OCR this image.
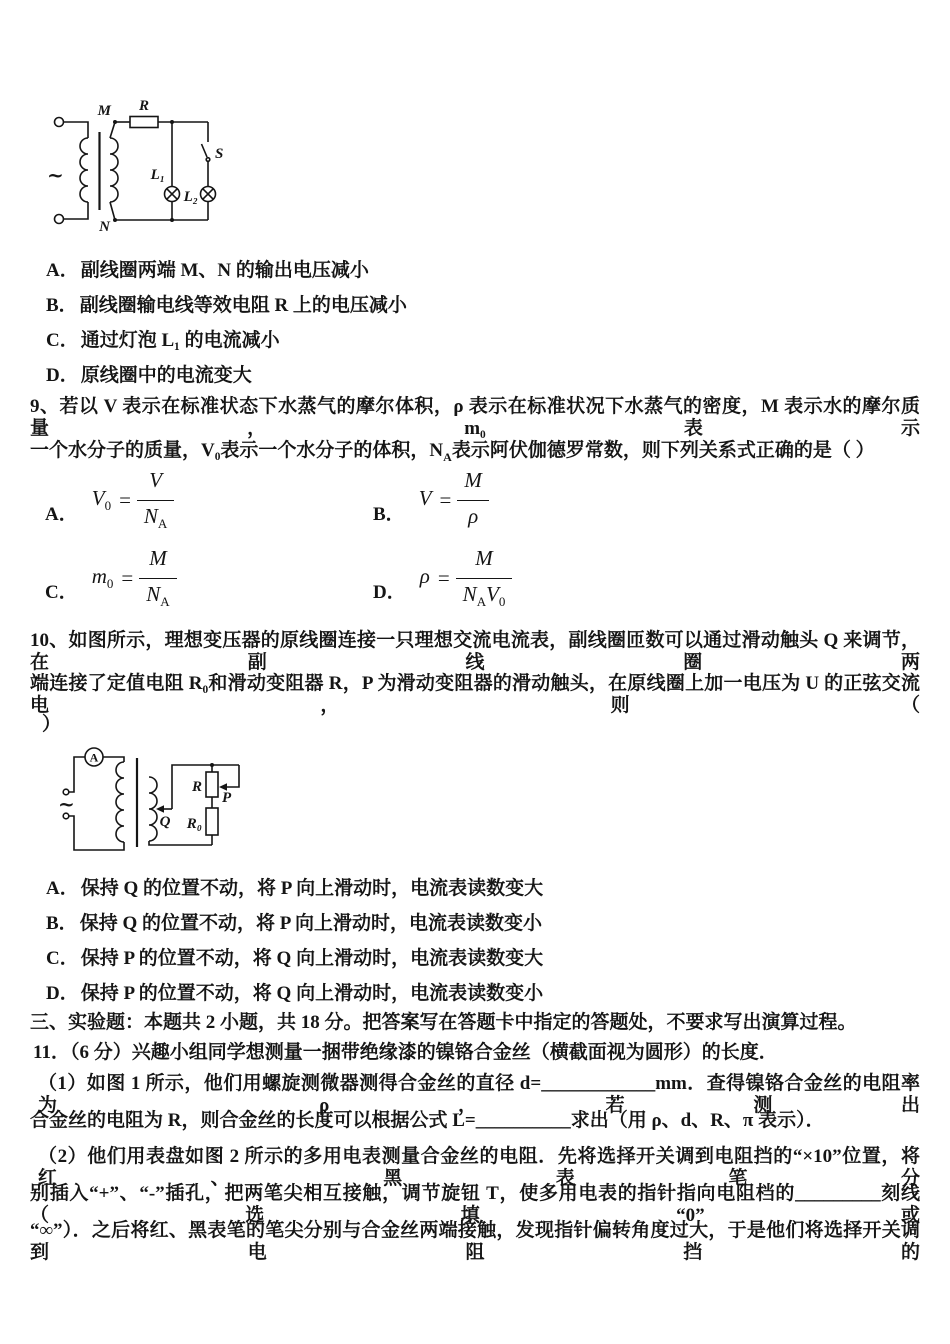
~
M R
N
L₁
L₂
S
A． 副线圈两端 M、N 的输出电压减小
B． 副线圈输电线等效电阻 R 上的电压减小
C． 通过灯泡 L₁ 的电流减小
D． 原线圈中的电流变大
9、若以 V 表示在标准状态下水蒸气的摩尔体积，ρ 表示在标准状况下水蒸气的密度，M 表示水的摩尔质量，m₀表示
一个水分子的质量，V₀表示一个水分子的体积，$N_A$表示阿伏伽德罗常数，则下列关系式正确的是（ ）
A．
$V_0 = \frac{V}{N_A}$	B．
$V = \frac{M}{\rho}$
C．
$m_0 = \frac{M}{N_A}$	D．
$\rho = \frac{M}{N_AV_0}$
10、如图所示，理想变压器的原线圈连接一只理想交流电流表，副线圈匝数可以通过滑动触头 Q 来调节，在副线圈两
端连接了定值电阻 R₀和滑动变阻器 R，P 为滑动变阻器的滑动触头，在原线圈上加一电压为 U 的正弦交流电，则（
）
~
A
Q
R
P
R₀
A． 保持 Q 的位置不动，将 P 向上滑动时，电流表读数变大
B． 保持 Q 的位置不动，将 P 向上滑动时，电流表读数变小
C． 保持 P 的位置不动，将 Q 向上滑动时，电流表读数变大
D． 保持 P 的位置不动，将 Q 向上滑动时，电流表读数变小
三、实验题：本题共 2 小题，共 18 分。把答案写在答题卡中指定的答题处，不要求写出演算过程。
11．（6 分）兴趣小组同学想测量一捆带绝缘漆的镍铬合金丝（横截面视为圆形）的长度．
（1）如图 1 所示，他们用螺旋测微器测得合金丝的直径 d=____________mm．查得镍铬合金丝的电阻率为 ρ，若测出
合金丝的电阻为 R，则合金丝的长度可以根据公式 L=__________求出（用 ρ、d、R、π 表示）．
（2）他们用表盘如图 2 所示的多用电表测量合金丝的电阻．先将选择开关调到电阻挡的“×10”位置，将红、黑表笔分
别插入“+”、“-”插孔，把两笔尖相互接触，调节旋钮 T，使多用电表的指针指向电阻档的_________刻线（选填“0”或
“∞”）．之后将红、黑表笔的笔尖分别与合金丝两端接触，发现指针偏转角度过大，于是他们将选择开关调到电阻挡的
